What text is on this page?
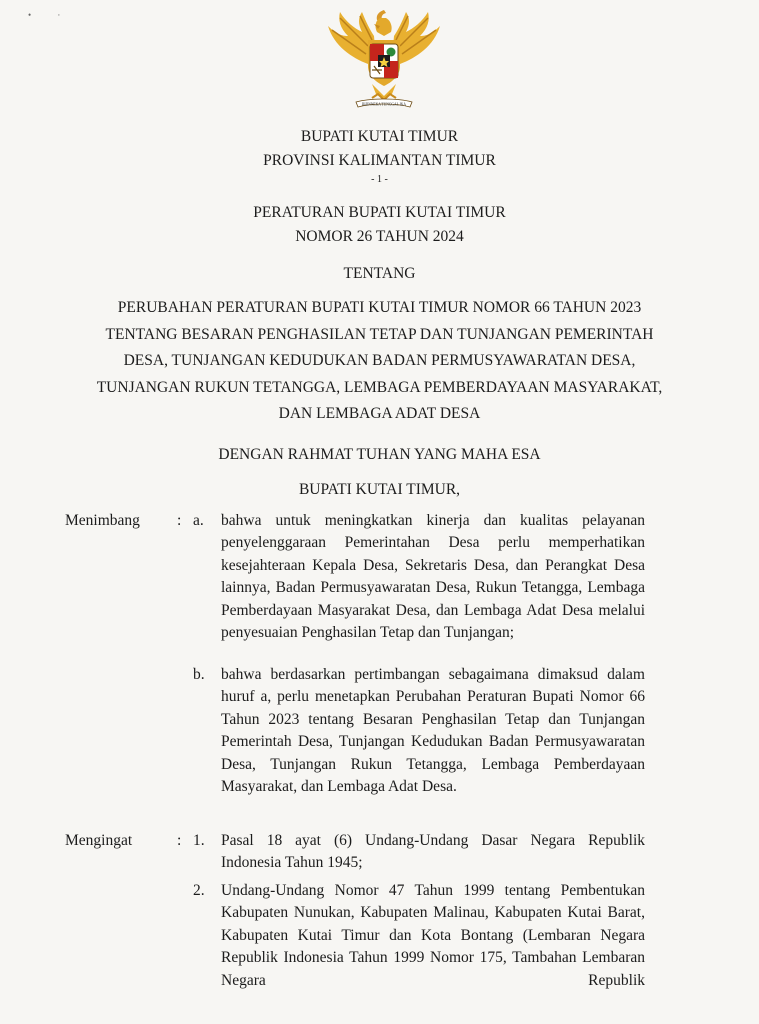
• ·
BHINNEKA TUNGGAL IKA
BUPATI KUTAI TIMUR
PROVINSI KALIMANTAN TIMUR
- 1 -
PERATURAN BUPATI KUTAI TIMUR
NOMOR 26 TAHUN 2024
TENTANG
PERUBAHAN PERATURAN BUPATI KUTAI TIMUR NOMOR 66 TAHUN 2023
TENTANG BESARAN PENGHASILAN TETAP DAN TUNJANGAN PEMERINTAH
DESA, TUNJANGAN KEDUDUKAN BADAN PERMUSYAWARATAN DESA,
TUNJANGAN RUKUN TETANGGA, LEMBAGA PEMBERDAYAAN MASYARAKAT,
DAN LEMBAGA ADAT DESA
DENGAN RAHMAT TUHAN YANG MAHA ESA
BUPATI KUTAI TIMUR,
Menimbang : a. bahwa untuk meningkatkan kinerja dan kualitas pelayanan penyelenggaraan Pemerintahan Desa perlu memperhatikan kesejahteraan Kepala Desa, Sekretaris Desa, dan Perangkat Desa lainnya, Badan Permusyawaratan Desa, Rukun Tetangga, Lembaga Pemberdayaan Masyarakat Desa, dan Lembaga Adat Desa melalui penyesuaian Penghasilan Tetap dan Tunjangan;

b. bahwa berdasarkan pertimbangan sebagaimana dimaksud dalam huruf a, perlu menetapkan Perubahan Peraturan Bupati Nomor 66 Tahun 2023 tentang Besaran Penghasilan Tetap dan Tunjangan Pemerintah Desa, Tunjangan Kedudukan Badan Permusyawaratan Desa, Tunjangan Rukun Tetangga, Lembaga Pemberdayaan Masyarakat, dan Lembaga Adat Desa.

Mengingat	: 1. Pasal 18 ayat (6) Undang-Undang Dasar Negara Republik Indonesia Tahun 1945;

2. Undang-Undang Nomor 47 Tahun 1999 tentang Pembentukan Kabupaten Nunukan, Kabupaten Malinau, Kabupaten Kutai Barat, Kabupaten Kutai Timur dan Kota Bontang (Lembaran Negara Republik Indonesia Tahun 1999 Nomor 175, Tambahan Lembaran Negara Republik
